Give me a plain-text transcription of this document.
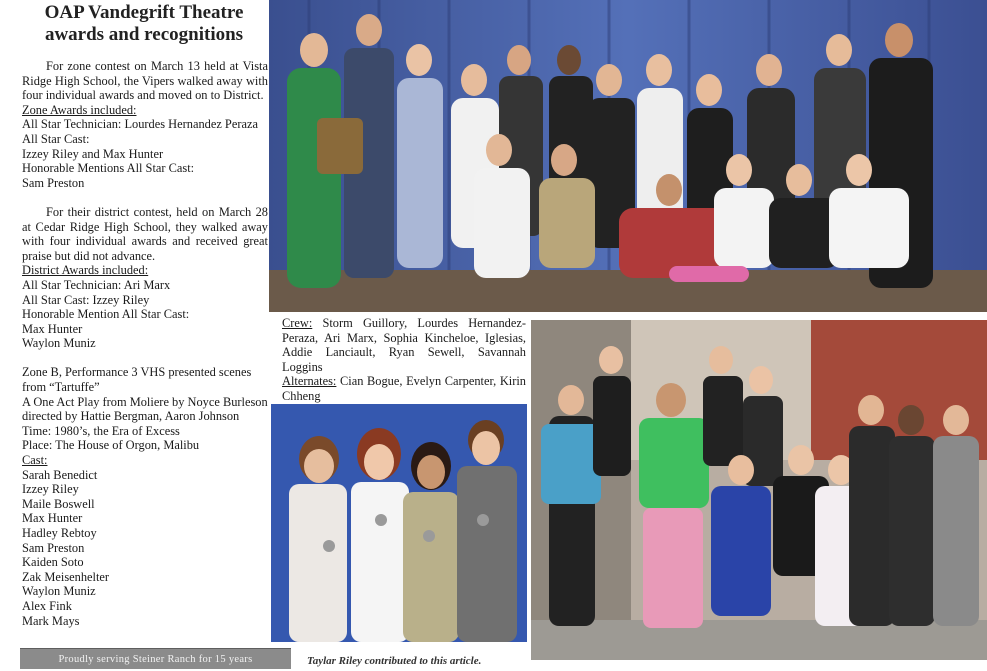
OAP Vandegrift Theatre
awards and recognitions

For zone contest on March 13 held at Vista Ridge High School, the Vipers walked away with four individual awards and moved on to District.

Zone Awards included:

All Star Technician: Lourdes Hernandez Peraza

All Star Cast:

Izzey Riley and Max Hunter

Honorable Mentions All Star Cast:

Sam Preston

For their district contest, held on March 28 at Cedar Ridge High School, they walked away with four individual awards and received great praise but did not advance.

District Awards included:

All Star Technician: Ari Marx

All Star Cast: Izzey Riley

Honorable Mention All Star Cast:

Max Hunter

Waylon Muniz

Zone B, Performance 3 VHS presented scenes from “Tartuffe”

A One Act Play from Moliere by Noyce Burleson directed by Hattie Bergman, Aaron Johnson

Time: 1980’s, the Era of Excess

Place: The House of Orgon, Malibu

Cast:

Sarah Benedict

Izzey Riley

Maile Boswell

Max Hunter

Hadley Rebtoy

Sam Preston

Kaiden Soto

Zak Meisenhelter

Waylon Muniz

Alex Fink

Mark Mays

Proudly serving Steiner Ranch for 15 years
Crew: Storm Guillory, Lourdes Hernandez-Peraza, Ari Marx, Sophia Kincheloe, Iglesias, Addie Lanciault, Ryan Sewell, Savannah Loggins
Alternates: Cian Bogue, Evelyn Carpenter, Kirin Chheng
Taylar Riley contributed to this article.
